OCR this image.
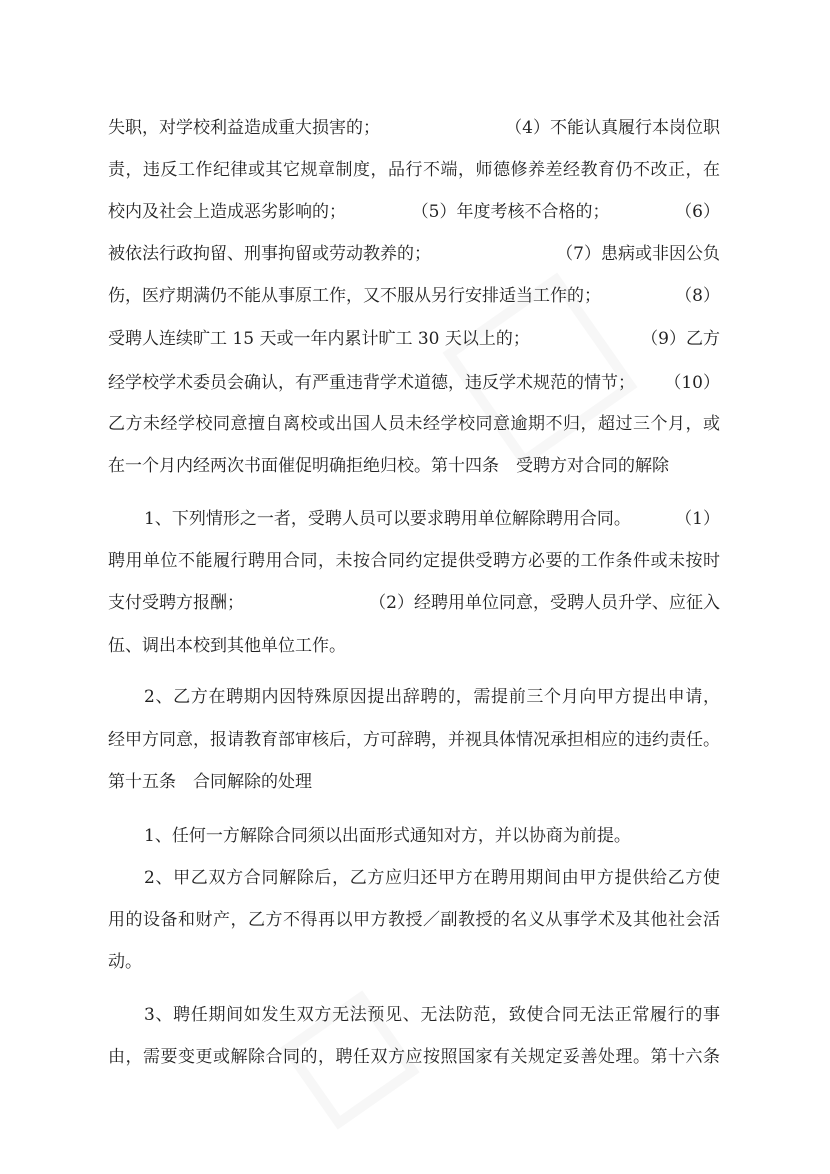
失职，对学校利益造成重大损害的；	（4）不能认真履行本岗位职
责，违反工作纪律或其它规章制度，品行不端，师德修养差经教育仍不改正，在
校内及社会上造成恶劣影响的；	（5）年度考核不合格的；	（6）
被依法行政拘留、刑事拘留或劳动教养的；	（7）患病或非因公负
伤，医疗期满仍不能从事原工作，又不服从另行安排适当工作的；	（8）
受聘人连续旷工 15 天或一年内累计旷工 30 天以上的；	（9）乙方
经学校学术委员会确认，有严重违背学术道德，违反学术规范的情节； （10）
乙方未经学校同意擅自离校或出国人员未经学校同意逾期不归，超过三个月，或
在一个月内经两次书面催促明确拒绝归校。第十四条　受聘方对合同的解除
1、下列情形之一者，受聘人员可以要求聘用单位解除聘用合同。	（1）
聘用单位不能履行聘用合同，未按合同约定提供受聘方必要的工作条件或未按时
支付受聘方报酬；	（2）经聘用单位同意，受聘人员升学、应征入
伍、调出本校到其他单位工作。
2、乙方在聘期内因特殊原因提出辞聘的，需提前三个月向甲方提出申请，
经甲方同意，报请教育部审核后，方可辞聘，并视具体情况承担相应的违约责任。
第十五条　合同解除的处理
1、任何一方解除合同须以出面形式通知对方，并以协商为前提。
2、甲乙双方合同解除后，乙方应归还甲方在聘用期间由甲方提供给乙方使
用的设备和财产，乙方不得再以甲方教授／副教授的名义从事学术及其他社会活
动。
3、聘任期间如发生双方无法预见、无法防范，致使合同无法正常履行的事
由，需要变更或解除合同的，聘任双方应按照国家有关规定妥善处理。第十六条
